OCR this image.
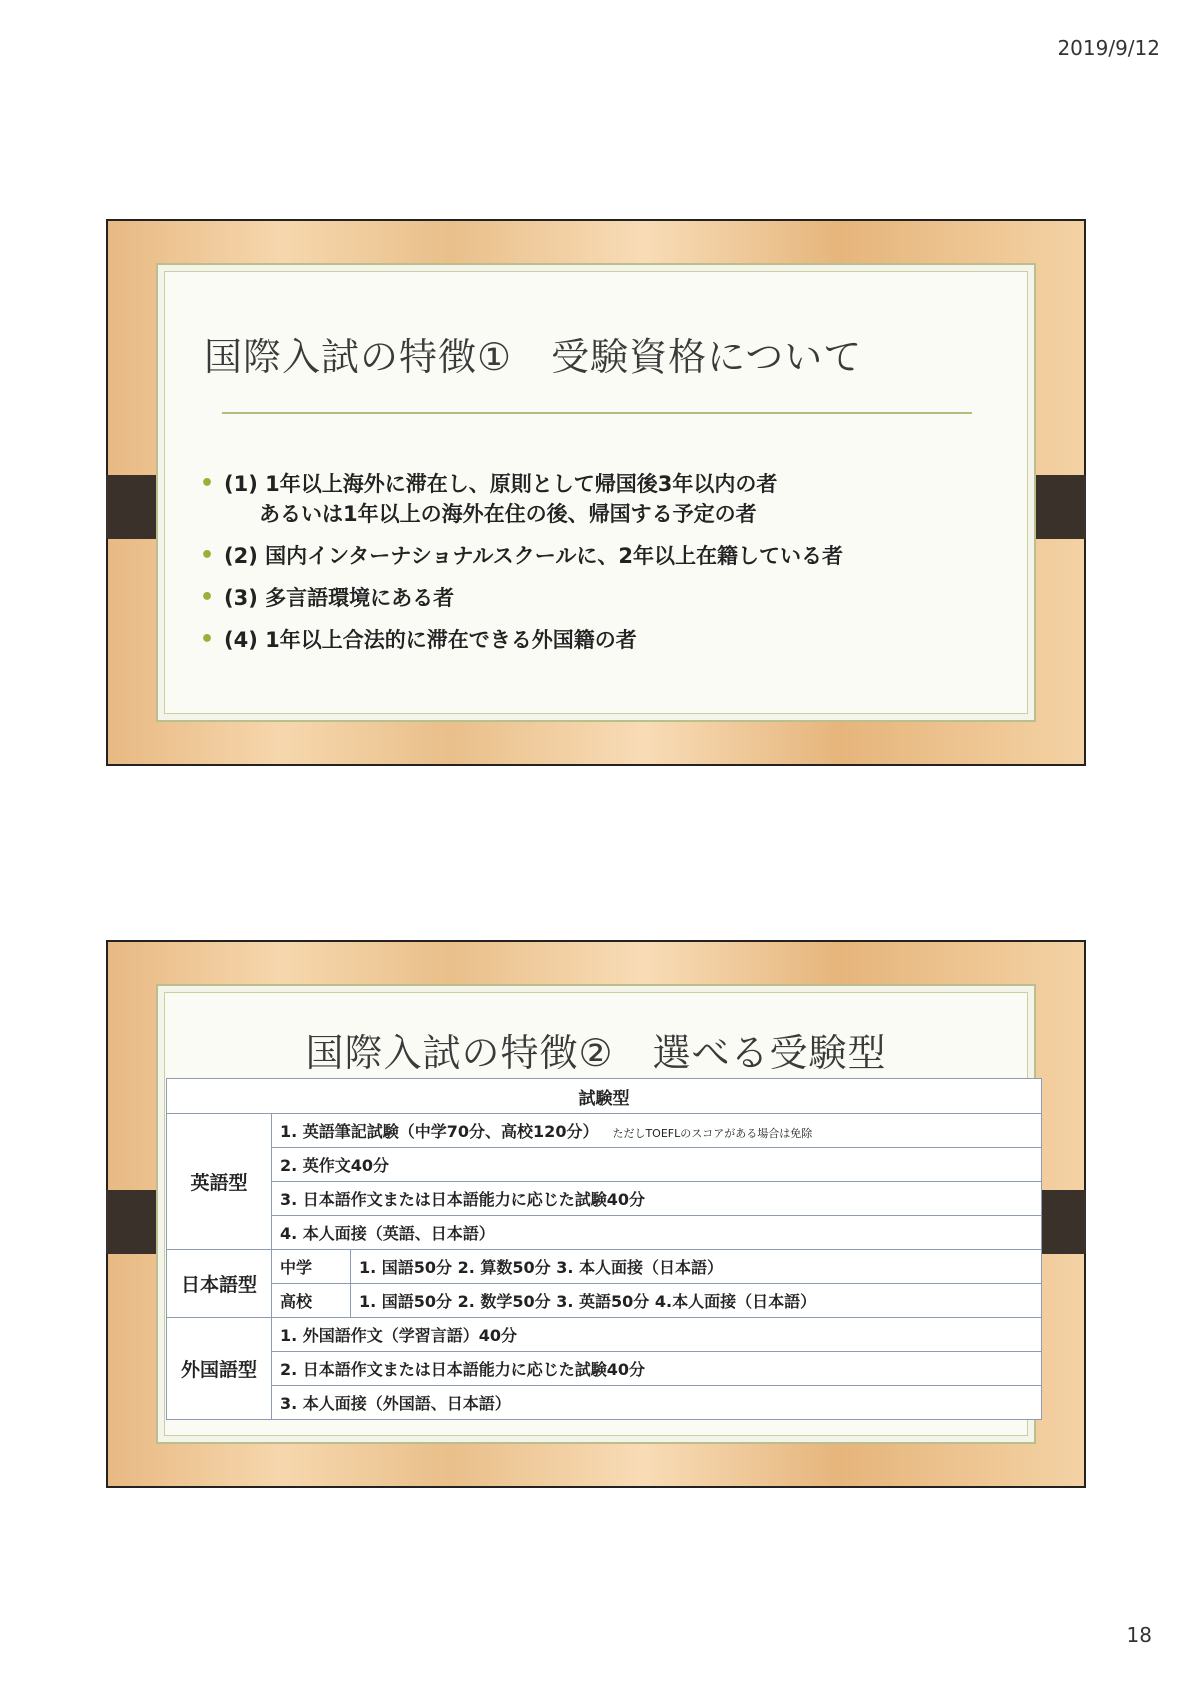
2019/9/12
国際入試の特徴①　受験資格について
• (1) 1年以上海外に滞在し、原則として帰国後3年以内の者
あるいは1年以上の海外在住の後、帰国する予定の者
• (2) 国内インターナショナルスクールに、2年以上在籍している者
• (3) 多言語環境にある者
• (4) 1年以上合法的に滞在できる外国籍の者
国際入試の特徴②　選べる受験型
試験型		
英語型	1. 英語筆記試験（中学70分、高校120分） ただしTOEFLのスコアがある場合は免除	
	2. 英作文40分	
	3. 日本語作文または日本語能力に応じた試験40分	
	4. 本人面接（英語、日本語）	
日本語型	中学	1. 国語50分 2. 算数50分 3. 本人面接（日本語）
	高校	1. 国語50分 2. 数学50分 3. 英語50分 4.本人面接（日本語）
外国語型	1. 外国語作文（学習言語）40分	
	2. 日本語作文または日本語能力に応じた試験40分	
	3. 本人面接（外国語、日本語）	
18
